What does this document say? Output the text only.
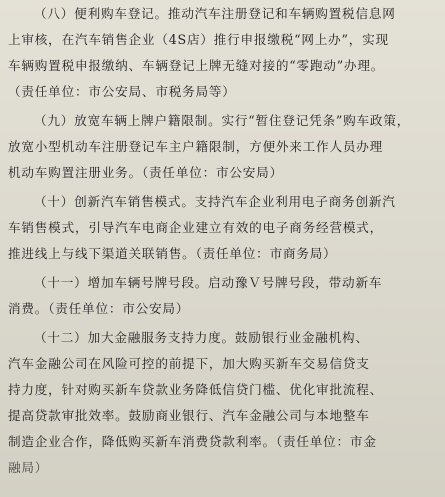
（八）便利购车登记。推动汽车注册登记和车辆购置税信息网
上审核，在汽车销售企业（4S店）推行申报缴税“网上办”，实现
车辆购置税申报缴纳、车辆登记上牌无缝对接的“零跑动”办理。
（责任单位：市公安局、市税务局等）
（九）放宽车辆上牌户籍限制。实行“暂住登记凭条”购车政策，
放宽小型机动车注册登记车主户籍限制，方便外来工作人员办理
机动车购置注册业务。（责任单位：市公安局）
（十）创新汽车销售模式。支持汽车企业利用电子商务创新汽
车销售模式，引导汽车电商企业建立有效的电子商务经营模式，
推进线上与线下渠道关联销售。（责任单位：市商务局）
（十一）增加车辆号牌号段。启动豫Ｖ号牌号段，带动新车
消费。（责任单位：市公安局）
（十二）加大金融服务支持力度。鼓励银行业金融机构、
汽车金融公司在风险可控的前提下，加大购买新车交易信贷支
持力度，针对购买新车贷款业务降低信贷门槛、优化审批流程、
提高贷款审批效率。鼓励商业银行、汽车金融公司与本地整车
制造企业合作，降低购买新车消费贷款利率。（责任单位：市金
融局）
